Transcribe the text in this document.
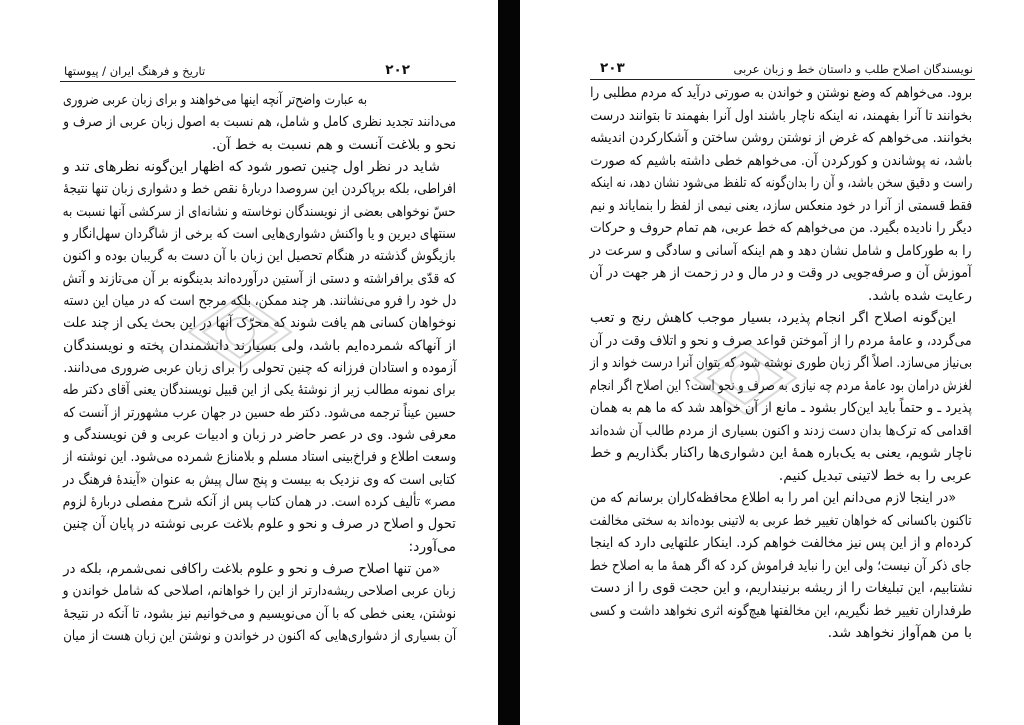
تاریخ و فرهنگ ایران / پیوستها	۲۰۲
به عبارت واضح‌تر آنچه اینها می‌خواهند و برای زبان عربی ضروری
می‌دانند تجدید نظری کامل و شامل، هم نسبت به اصول زبان عربی از صرف و
نحو و بلاغت آنست و هم نسبت به خط آن.
شاید در نظر اول چنین تصور شود که اظهار این‌گونه نظرهای تند و
افراطی، بلکه برپاکردن این سروصدا دربارهٔ نقص خط و دشواری زبان تنها نتیجهٔ
حسّ نوخواهی بعضی از نویسندگان نوخاسته و نشانه‌ای از سرکشی آنها نسبت به
سنتهای دیرین و یا واکنش دشواری‌هایی است که برخی از شاگردان سهل‌انگار و
بازیگوش گذشته در هنگام تحصیل این زبان با آن دست به گریبان بوده و اکنون
که قدّی برافراشته و دستی از آستین درآورده‌اند بدینگونه بر آن می‌تازند و آتش
دل خود را فرو می‌نشانند. هر چند ممکن، بلکه مرجح است که در میان این دسته
نوخواهان کسانی هم یافت شوند که محرّک آنها در این بحث یکی از چند علت
از آنهاکه شمرده‌ایم باشد، ولی بسیارند دانشمندان پخته و نویسندگان
آزموده و استادان فرزانه که چنین تحولی را برای زبان عربی ضروری می‌دانند.
برای نمونه مطالب زیر از نوشتهٔ یکی از این قبیل نویسندگان یعنی آقای دکتر طه
حسین عیناً ترجمه می‌شود. دکتر طه حسین در جهان عرب مشهورتر از آنست که
معرفی شود. وی در عصر حاضر در زبان و ادبیات عربی و فن نویسندگی و
وسعت اطلاع و فراخ‌بینی استاد مسلم و بلامنازع شمرده می‌شود. این نوشته از
کتابی است که وی نزدیک به بیست و پنج سال پیش به عنوان «آیندهٔ فرهنگ در
مصر» تألیف کرده است. در همان کتاب پس از آنکه شرح مفصلی دربارهٔ لزوم
تحول و اصلاح در صرف و نحو و علوم بلاغت عربی نوشته در پایان آن چنین
می‌آورد:
«من تنها اصلاح صرف و نحو و علوم بلاغت راکافی نمی‌شمرم، بلکه در
زبان عربی اصلاحی ریشه‌دارتر از این را خواهانم، اصلاحی که شامل خواندن و
نوشتن، یعنی خطی که با آن می‌نویسیم و می‌خوانیم نیز بشود، تا آنکه در نتیجهٔ
آن بسیاری از دشواری‌هایی که اکنون در خواندن و نوشتن این زبان هست از میان
نویسندگان اصلاح طلب و داستان خط و زبان عربی
۲۰۳
برود. می‌خواهم که وضع نوشتن و خواندن به صورتی درآید که مردم مطلبی را
بخوانند تا آنرا بفهمند، نه اینکه ناچار باشند اول آنرا بفهمند تا بتوانند درست
بخوانند. می‌خواهم که غرض از نوشتن روشن ساختن و آشکارکردن اندیشه
باشد، نه پوشاندن و کورکردن آن. می‌خواهم خطی داشته باشیم که صورت
راست و دقیق سخن باشد، و آن را بدان‌گونه که تلفظ می‌شود نشان دهد، نه اینکه
فقط قسمتی از آنرا در خود منعکس سازد، یعنی نیمی از لفظ را بنمایاند و نیم
دیگر را نادیده بگیرد. من می‌خواهم که خط عربی، هم تمام حروف و حرکات
را به طورکامل و شامل نشان دهد و هم اینکه آسانی و سادگی و سرعت در
آموزش آن و صرفه‌جویی در وقت و در مال و در زحمت از هر جهت در آن
رعایت شده باشد.
این‌گونه اصلاح اگر انجام پذیرد، بسیار موجب کاهش رنج و تعب
می‌گردد، و عامهٔ مردم را از آموختن قواعد صرف و نحو و اتلاف وقت در آن
بی‌نیاز می‌سازد. اصلاً اگر زبان طوری نوشته شود که بتوان آنرا درست خواند و از
لغزش درامان بود عامهٔ مردم چه نیازی به صرف و نحو است؟ این اصلاح اگر انجام
پذیرد ـ و حتماً باید این‌کار بشود ـ مانع از آن خواهد شد که ما هم به همان
اقدامی که ترک‌ها بدان دست زدند و اکنون بسیاری از مردم طالب آن شده‌اند
ناچار شویم، یعنی به یک‌باره همهٔ این دشواری‌ها راکنار بگذاریم و خط
عربی را به خط لاتینی تبدیل کنیم.
«در اینجا لازم می‌دانم این امر را به اطلاع محافظه‌کاران برسانم که من
تاکنون باکسانی که خواهان تغییر خط عربی به لاتینی بوده‌اند به سختی مخالفت
کرده‌ام و از این پس نیز مخالفت خواهم کرد. اینکار علتهایی دارد که اینجا
جای ذکر آن نیست؛ ولی این را نباید فراموش کرد که اگر همهٔ ما به اصلاح خط
نشتابیم، این تبلیغات را از ریشه برنینداریم، و این حجت قوی را از دست
طرفداران تغییر خط نگیریم، این مخالفتها هیچ‌گونه اثری نخواهد داشت و کسی
با من هم‌آواز نخواهد شد.
